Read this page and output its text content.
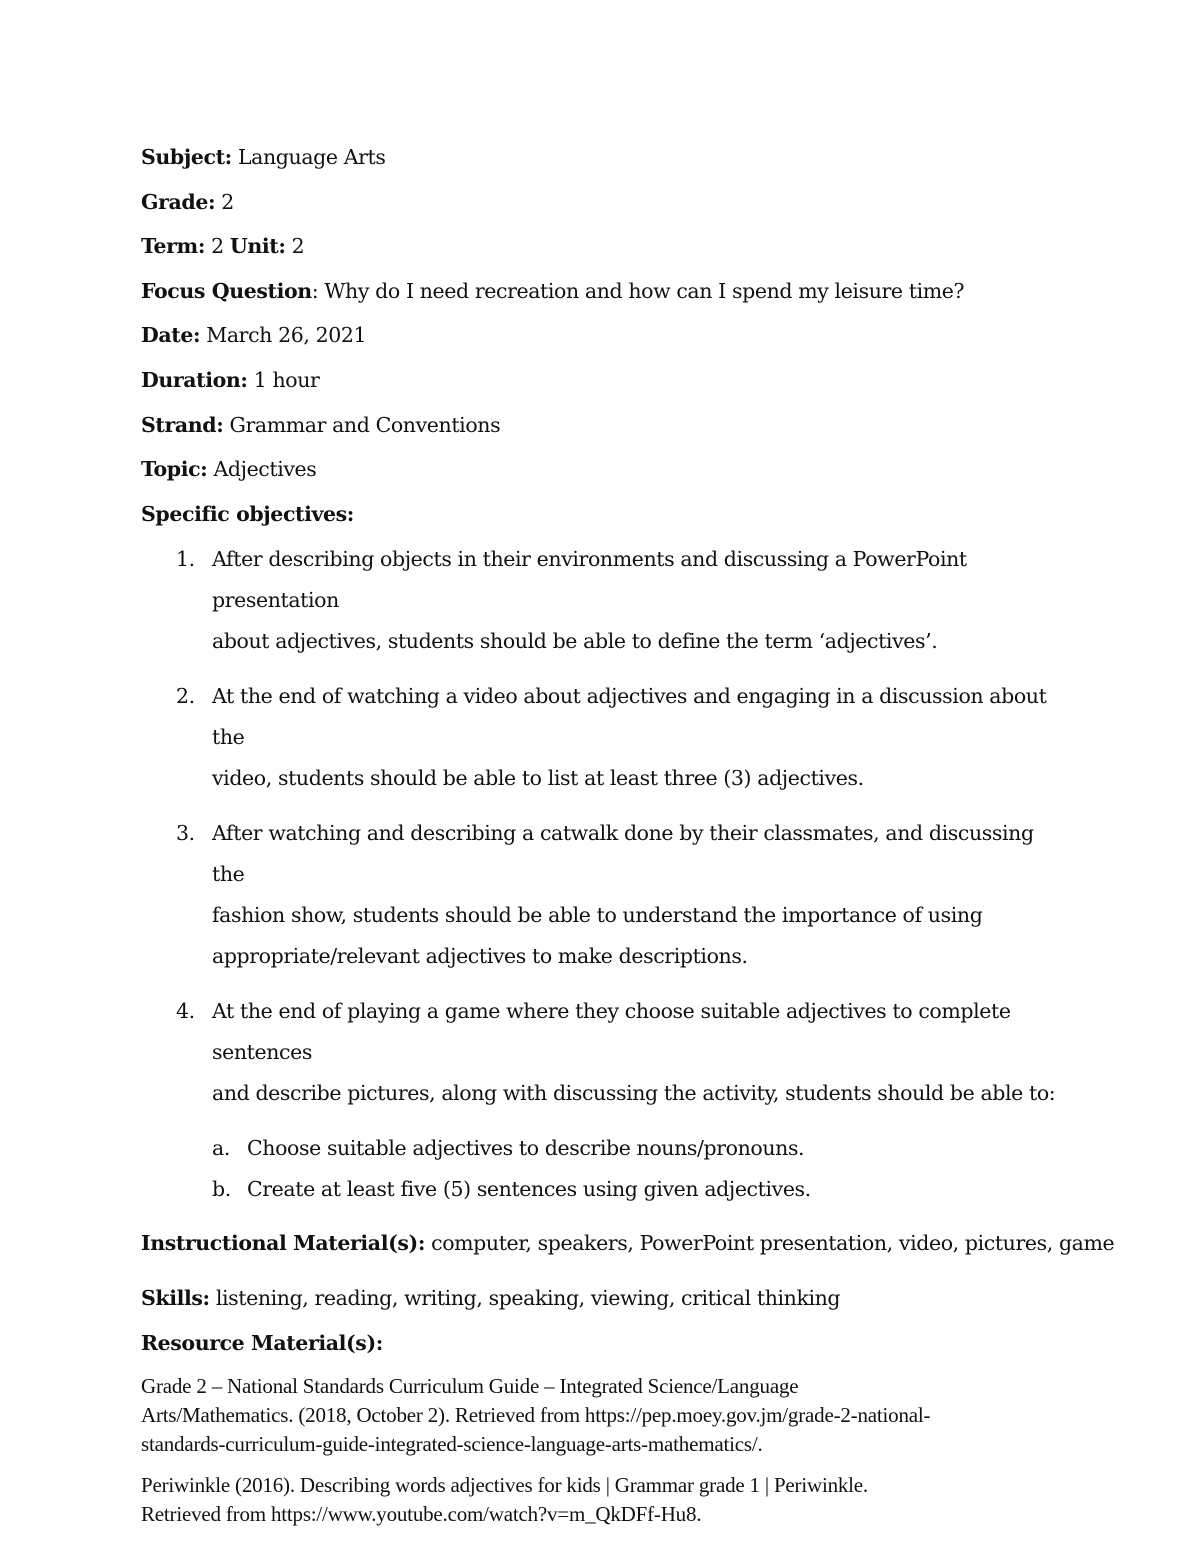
Subject: Language Arts
Grade: 2
Term: 2 Unit: 2
Focus Question: Why do I need recreation and how can I spend my leisure time?
Date: March 26, 2021
Duration: 1 hour
Strand: Grammar and Conventions
Topic: Adjectives
Specific objectives:
1. After describing objects in their environments and discussing a PowerPoint presentation
about adjectives, students should be able to define the term ‘adjectives’.
2. At the end of watching a video about adjectives and engaging in a discussion about the
video, students should be able to list at least three (3) adjectives.
3. After watching and describing a catwalk done by their classmates, and discussing the
fashion show, students should be able to understand the importance of using
appropriate/relevant adjectives to make descriptions.
4. At the end of playing a game where they choose suitable adjectives to complete sentences
and describe pictures, along with discussing the activity, students should be able to:
a. Choose suitable adjectives to describe nouns/pronouns.
b. Create at least five (5) sentences using given adjectives.
Instructional Material(s): computer, speakers, PowerPoint presentation, video, pictures, game
Skills: listening, reading, writing, speaking, viewing, critical thinking
Resource Material(s):
Grade 2 – National Standards Curriculum Guide – Integrated Science/Language
Arts/Mathematics. (2018, October 2). Retrieved from https://pep.moey.gov.jm/grade-2-national-
standards-curriculum-guide-integrated-science-language-arts-mathematics/.
Periwinkle (2016). Describing words adjectives for kids | Grammar grade 1 | Periwinkle.
Retrieved from https://www.youtube.com/watch?v=m_QkDFf-Hu8.
